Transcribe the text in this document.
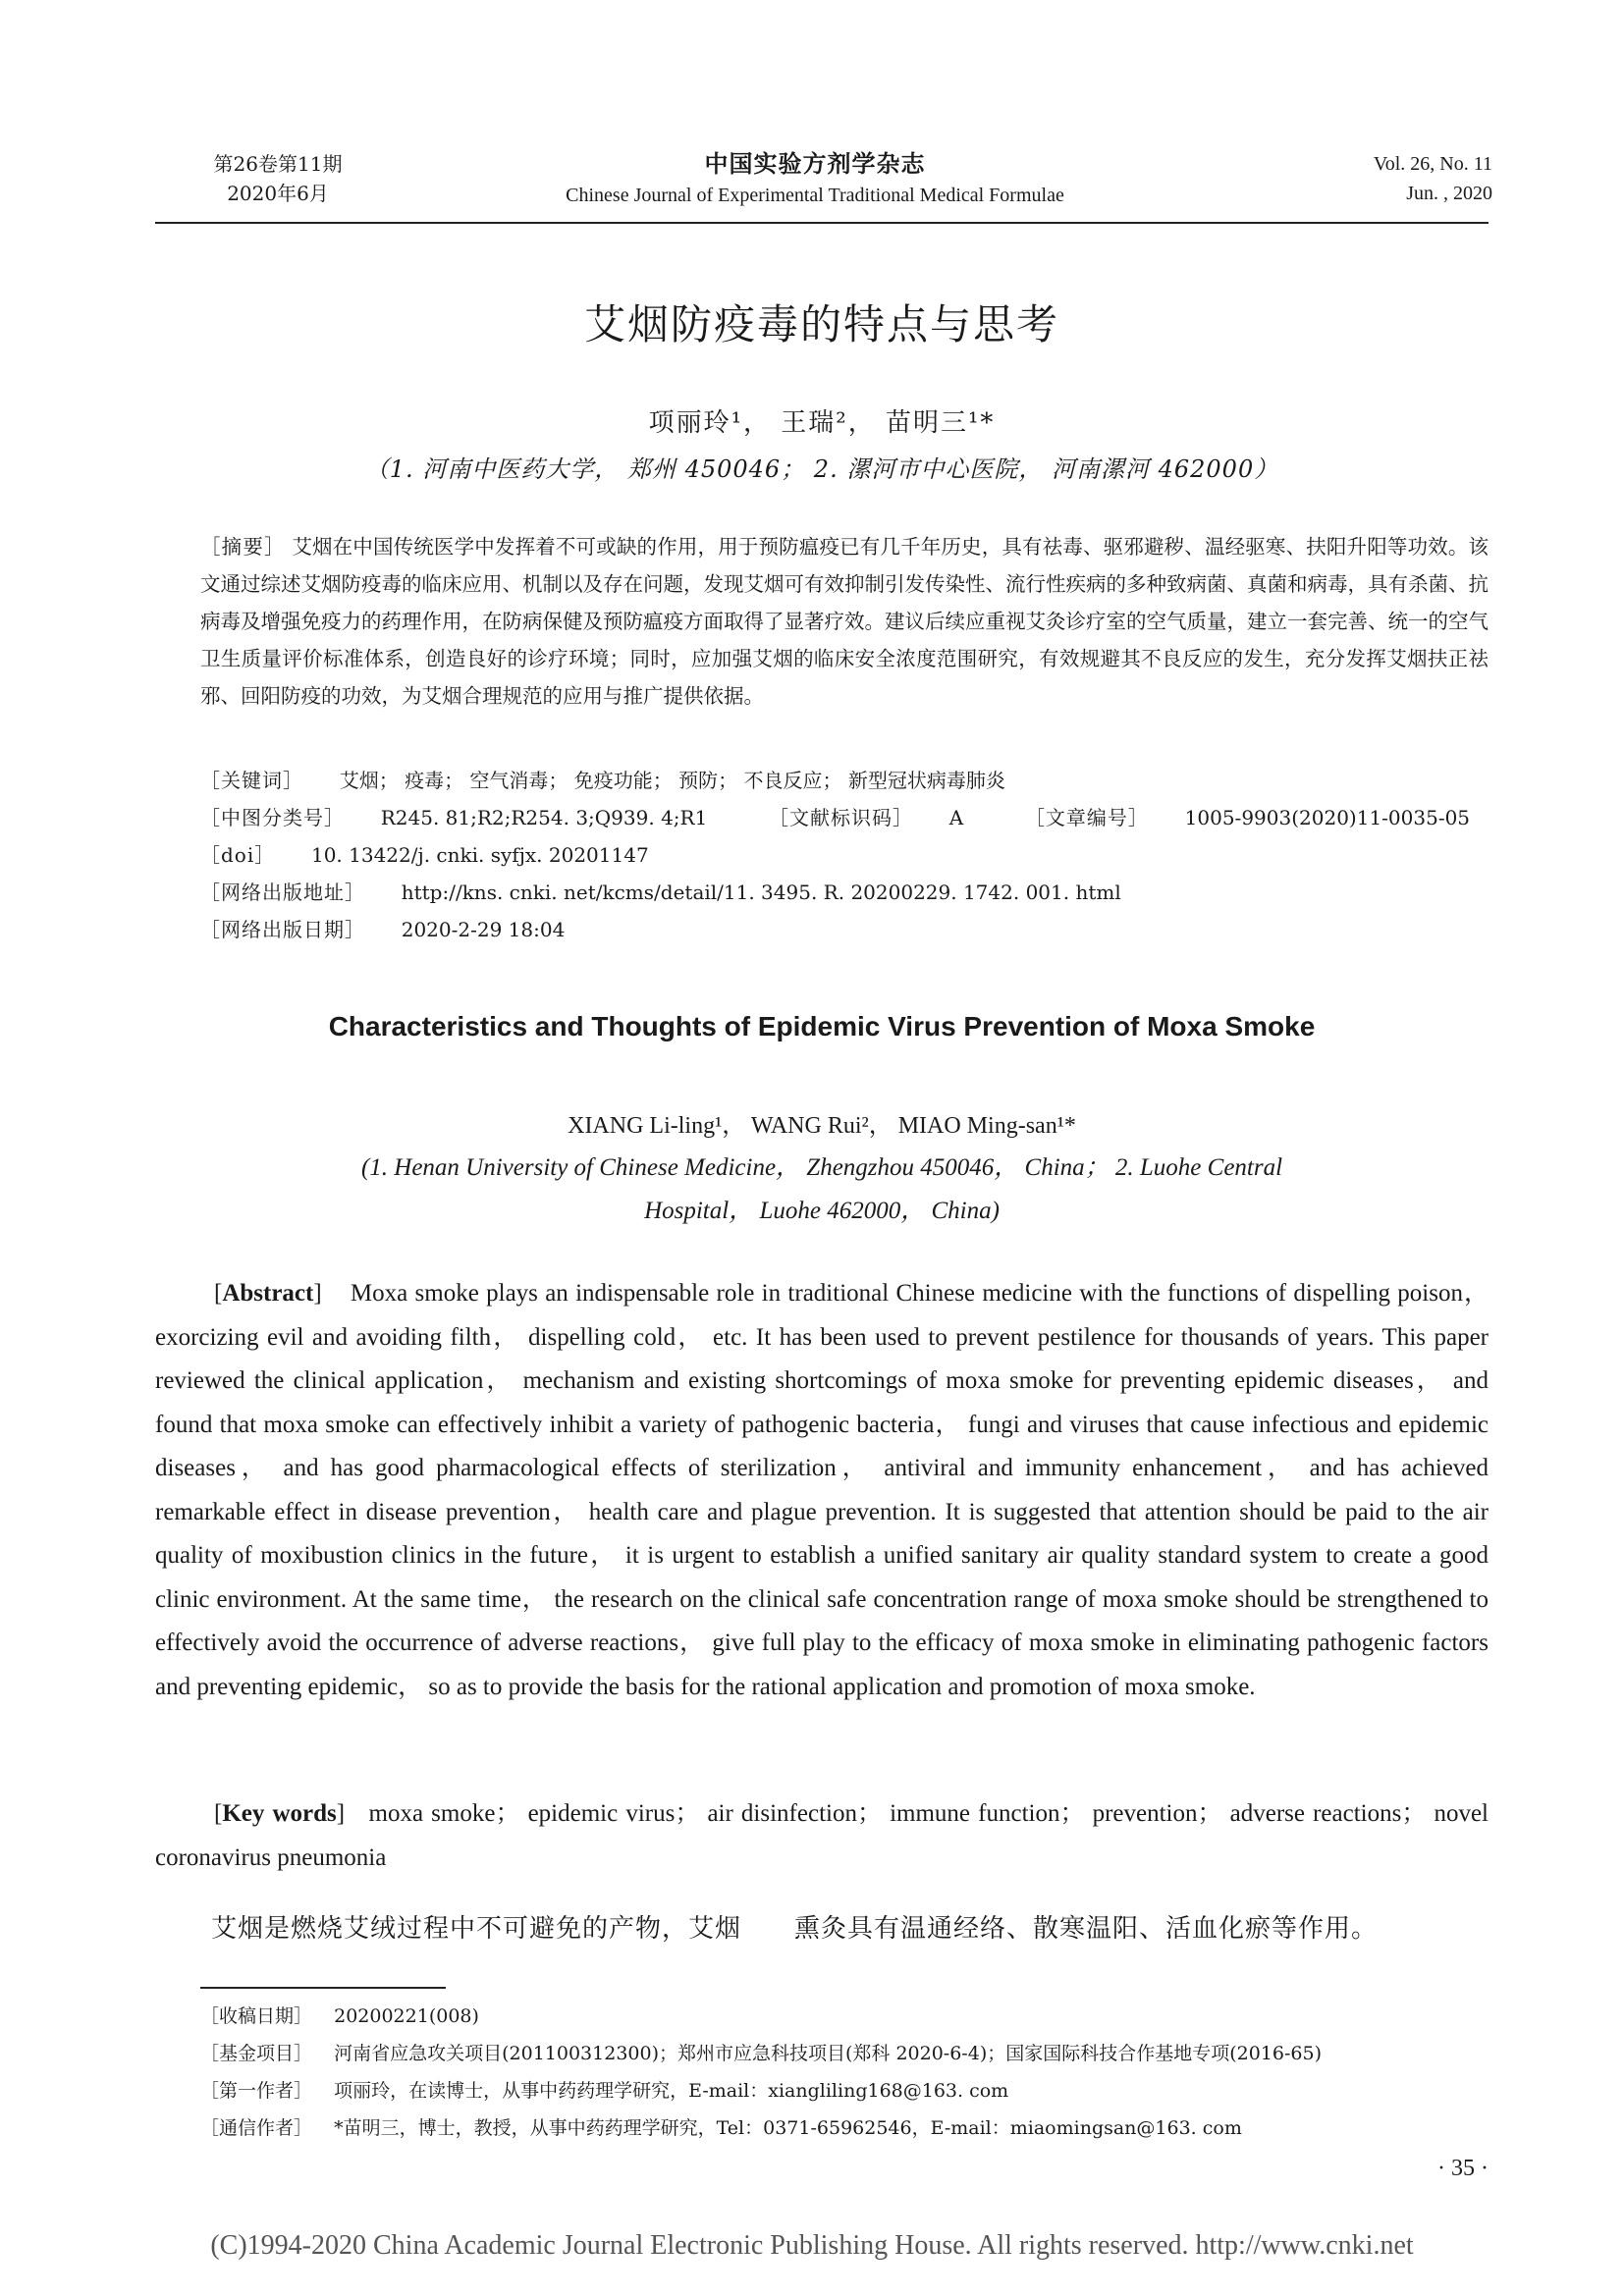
第26卷第11期
2020年6月
中国实验方剂学杂志
Chinese Journal of Experimental Traditional Medical Formulae
Vol. 26, No. 11
Jun. , 2020
艾烟防疫毒的特点与思考
项丽玲¹， 王瑞²， 苗明三¹*
（1. 河南中医药大学， 郑州 450046； 2. 漯河市中心医院， 河南漯河 462000）
［摘要］ 艾烟在中国传统医学中发挥着不可或缺的作用，用于预防瘟疫已有几千年历史，具有祛毒、驱邪避秽、温经驱寒、扶阳升阳等功效。该文通过综述艾烟防疫毒的临床应用、机制以及存在问题，发现艾烟可有效抑制引发传染性、流行性疾病的多种致病菌、真菌和病毒，具有杀菌、抗病毒及增强免疫力的药理作用，在防病保健及预防瘟疫方面取得了显著疗效。建议后续应重视艾灸诊疗室的空气质量，建立一套完善、统一的空气卫生质量评价标准体系，创造良好的诊疗环境；同时，应加强艾烟的临床安全浓度范围研究，有效规避其不良反应的发生，充分发挥艾烟扶正祛邪、回阳防疫的功效，为艾烟合理规范的应用与推广提供依据。
［关键词］ 艾烟； 疫毒； 空气消毒； 免疫功能； 预防； 不良反应； 新型冠状病毒肺炎
［中图分类号］ R245. 81;R2;R254. 3;Q939. 4;R1	［文献标识码］ A	［文章编号］ 1005-9903(2020)11-0035-05
［doi］ 10. 13422/j. cnki. syfjx. 20201147
［网络出版地址］ http://kns. cnki. net/kcms/detail/11. 3495. R. 20200229. 1742. 001. html
［网络出版日期］ 2020-2-29 18:04
Characteristics and Thoughts of Epidemic Virus Prevention of Moxa Smoke
XIANG Li-ling¹， WANG Rui²， MIAO Ming-san¹*
(1. Henan University of Chinese Medicine， Zhengzhou 450046， China； 2. Luohe Central
Hospital， Luohe 462000， China)
[Abstract] Moxa smoke plays an indispensable role in traditional Chinese medicine with the functions of dispelling poison， exorcizing evil and avoiding filth， dispelling cold， etc. It has been used to prevent pestilence for thousands of years. This paper reviewed the clinical application， mechanism and existing shortcomings of moxa smoke for preventing epidemic diseases， and found that moxa smoke can effectively inhibit a variety of pathogenic bacteria， fungi and viruses that cause infectious and epidemic diseases， and has good pharmacological effects of sterilization， antiviral and immunity enhancement， and has achieved remarkable effect in disease prevention， health care and plague prevention. It is suggested that attention should be paid to the air quality of moxibustion clinics in the future， it is urgent to establish a unified sanitary air quality standard system to create a good clinic environment. At the same time， the research on the clinical safe concentration range of moxa smoke should be strengthened to effectively avoid the occurrence of adverse reactions， give full play to the efficacy of moxa smoke in eliminating pathogenic factors and preventing epidemic， so as to provide the basis for the rational application and promotion of moxa smoke.
[Key words] moxa smoke； epidemic virus； air disinfection； immune function； prevention； adverse reactions； novel coronavirus pneumonia
艾烟是燃烧艾绒过程中不可避免的产物，艾烟　　熏灸具有温通经络、散寒温阳、活血化瘀等作用。
［收稿日期］ 20200221(008)
［基金项目］ 河南省应急攻关项目(201100312300)；郑州市应急科技项目(郑科 2020-6-4)；国家国际科技合作基地专项(2016-65)
［第一作者］ 项丽玲，在读博士，从事中药药理学研究，E-mail：xiangliling168@163. com
［通信作者］ *苗明三，博士，教授，从事中药药理学研究，Tel：0371-65962546，E-mail：miaomingsan@163. com
· 35 ·
(C)1994-2020 China Academic Journal Electronic Publishing House. All rights reserved. http://www.cnki.net
